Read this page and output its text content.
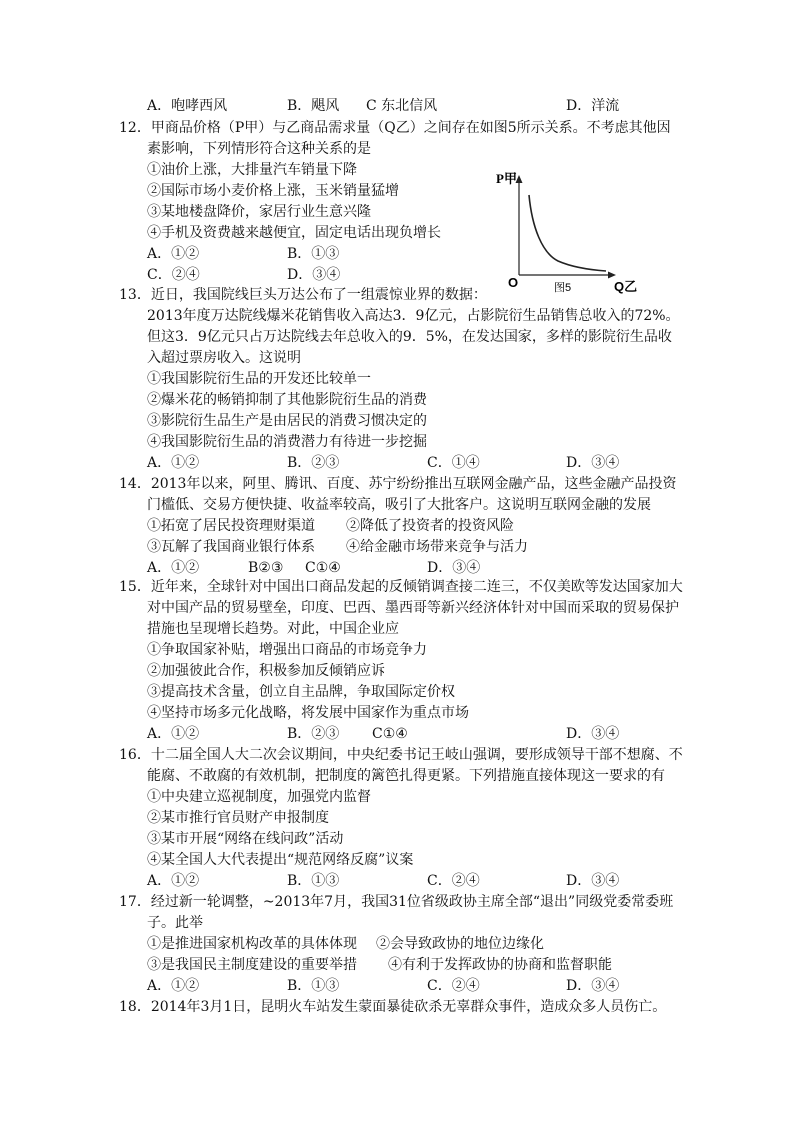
A．咆哮西风	B．飓风 C 东北信风	D．洋流
12．甲商品价格（P甲）与乙商品需求量（Q乙）之间存在如图5所示关系。不考虑其他因
素影响，下列情形符合这种关系的是
①油价上涨，大排量汽车销量下降
②国际市场小麦价格上涨，玉米销量猛增
③某地楼盘降价，家居行业生意兴隆
④手机及资费越来越便宜，固定电话出现负增长
A．①②	B．①③
C．②④	D．③④
P甲
O	图5	Q乙
13．近日，我国院线巨头万达公布了一组震惊业界的数据：
2013年度万达院线爆米花销售收入高达3．9亿元，占影院衍生品销售总收入的72%。
但这3．9亿元只占万达院线去年总收入的9．5%，在发达国家，多样的影院衍生品收
入超过票房收入。这说明
①我国影院衍生品的开发还比较单一
②爆米花的畅销抑制了其他影院衍生品的消费
③影院衍生品生产是由居民的消费习惯决定的
④我国影院衍生品的消费潜力有待进一步挖掘
A．①②	B．②③	C．①④	D．③④
14．2013年以来，阿里、腾讯、百度、苏宁纷纷推出互联网金融产品，这些金融产品投资
门槛低、交易方便快捷、收益率较高，吸引了大批客户。这说明互联网金融的发展
①拓宽了居民投资理财渠道 ②降低了投资者的投资风险
③瓦解了我国商业银行体系 ④给金融市场带来竞争与活力
A．①②	B②③ C①④	D．③④
15．近年来，全球针对中国出口商品发起的反倾销调查接二连三，不仅美欧等发达国家加大
对中国产品的贸易壁垒，印度、巴西、墨西哥等新兴经济体针对中国而采取的贸易保护
措施也呈现增长趋势。对此，中国企业应
①争取国家补贴，增强出口商品的市场竞争力
②加强彼此合作，积极参加反倾销应诉
③提高技术含量，创立自主品牌，争取国际定价权
④坚持市场多元化战略，将发展中国家作为重点市场
A．①②	B．②③ C①④	D．③④
16．十二届全国人大二次会议期间，中央纪委书记王岐山强调，要形成领导干部不想腐、不
能腐、不敢腐的有效机制，把制度的篱笆扎得更紧。下列措施直接体现这一要求的有
①中央建立巡视制度，加强党内监督
②某市推行官员财产申报制度
③某市开展“网络在线问政”活动
④某全国人大代表提出“规范网络反腐”议案
A．①②	B．①③	C．②④	D．③④
17．经过新一轮调整，~2013年7月，我国31位省级政协主席全部“退出”同级党委常委班
子。此举
①是推进国家机构改革的具体体现 ②会导致政协的地位边缘化
③是我国民主制度建设的重要举措 ④有利于发挥政协的协商和监督职能
A．①②	B．①③	C．②④	D．③④
18．2014年3月1日，昆明火车站发生蒙面暴徒砍杀无辜群众事件，造成众多人员伤亡。
